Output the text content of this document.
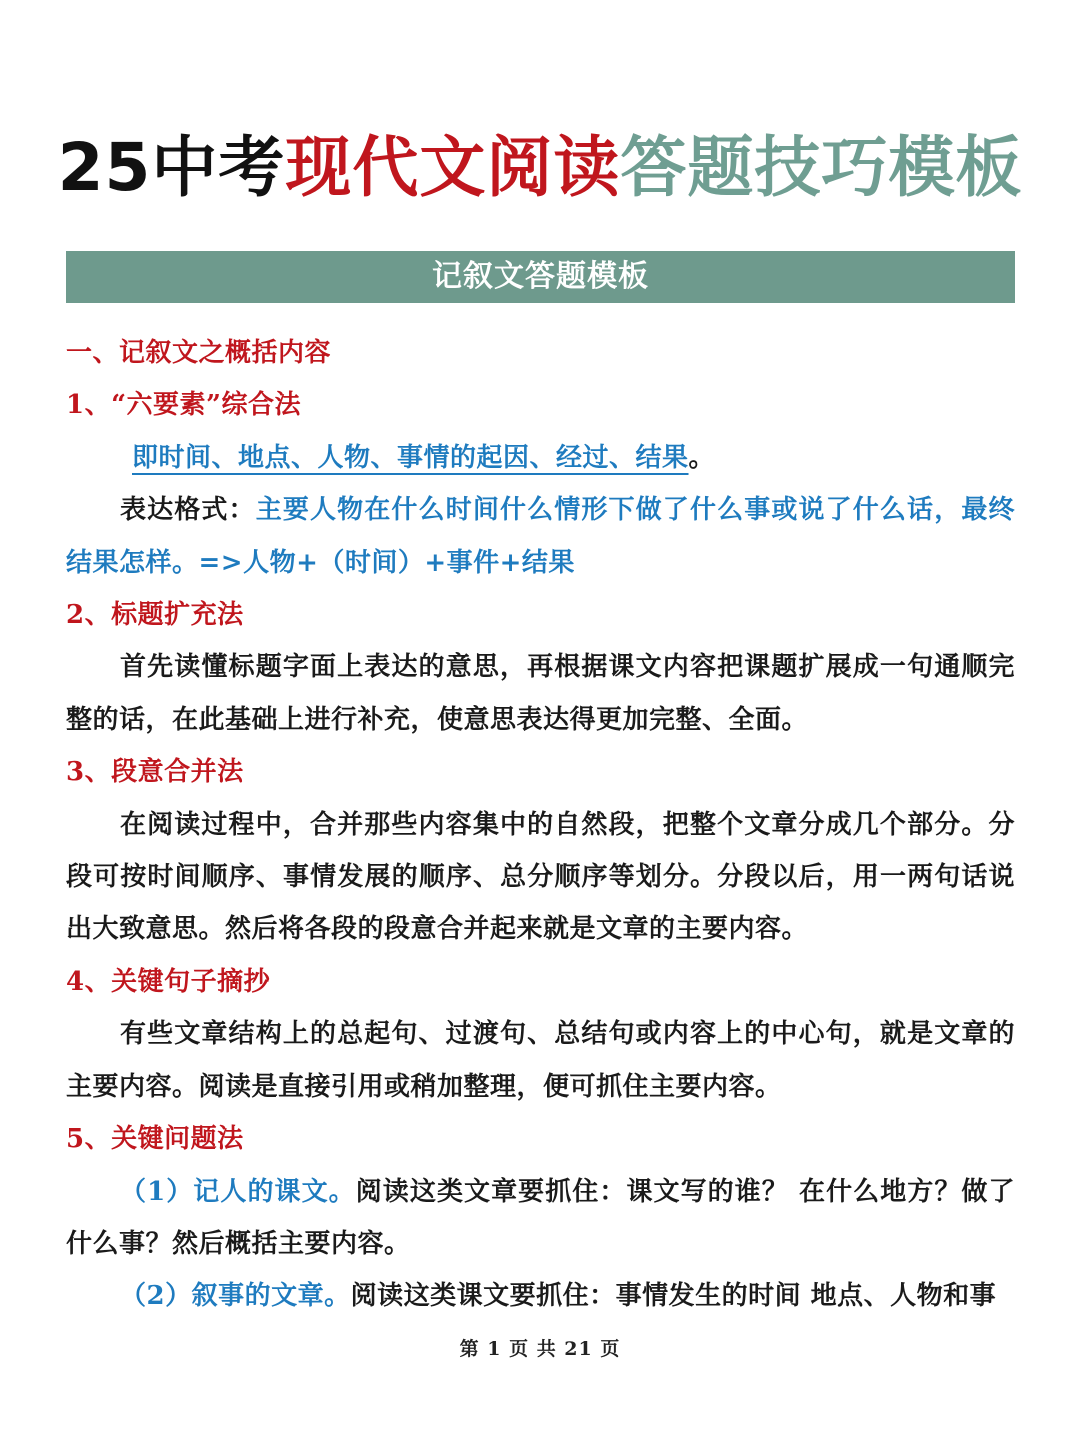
25中考现代文阅读答题技巧模板
记叙文答题模板

一、记叙文之概括内容

1、“六要素”综合法

即时间、地点、人物、事情的起因、经过、结果。

表达格式：主要人物在什么时间什么情形下做了什么事或说了什么话，最终结果怎样。=>人物+（时间）+事件+结果

2、标题扩充法

首先读懂标题字面上表达的意思，再根据课文内容把课题扩展成一句通顺完整的话，在此基础上进行补充，使意思表达得更加完整、全面。

3、段意合并法

在阅读过程中，合并那些内容集中的自然段，把整个文章分成几个部分。分段可按时间顺序、事情发展的顺序、总分顺序等划分。分段以后，用一两句话说出大致意思。然后将各段的段意合并起来就是文章的主要内容。

4、关键句子摘抄

有些文章结构上的总起句、过渡句、总结句或内容上的中心句，就是文章的主要内容。阅读是直接引用或稍加整理，便可抓住主要内容。

5、关键问题法

（1）记人的课文。阅读这类文章要抓住：课文写的谁？ 在什么地方？做了什么事？然后概括主要内容。

（2）叙事的文章。阅读这类课文要抓住：事情发生的时间 地点、人物和事

第 1 页 共 21 页
